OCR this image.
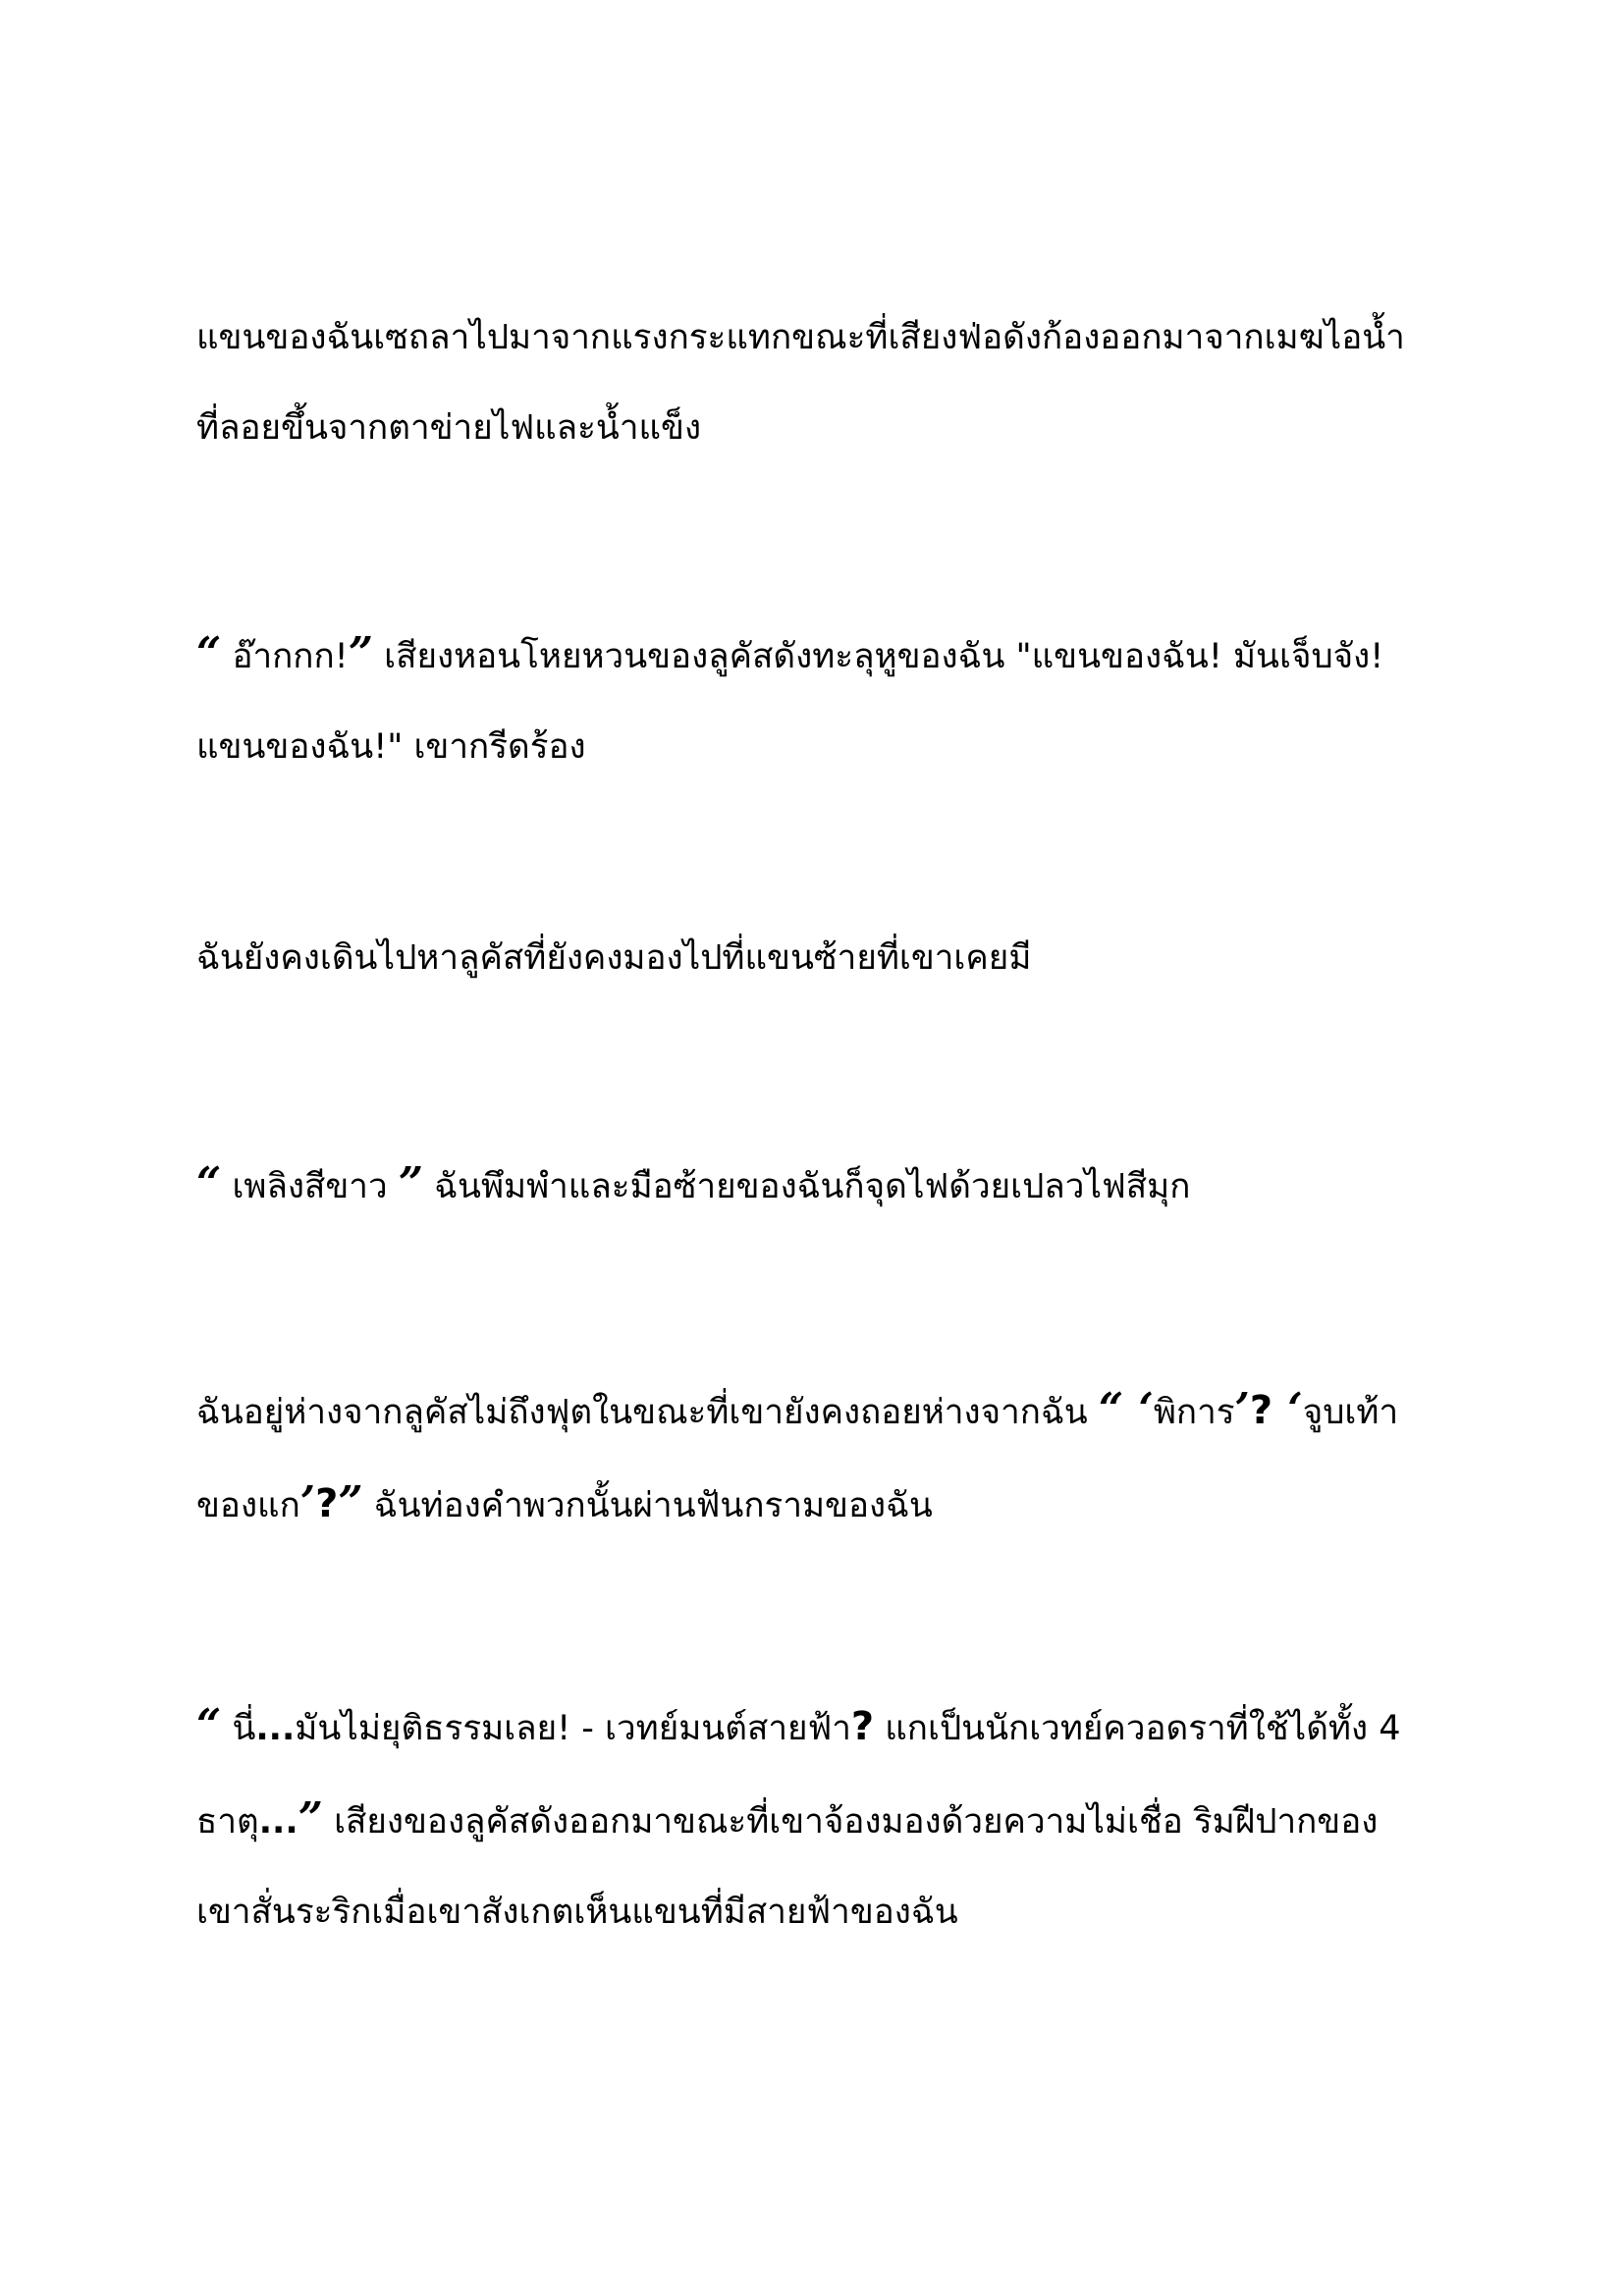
แขนของฉันเซถลาไปมาจากแรงกระแทกขณะที่เสียงฟ่อดังก้องออกมาจากเมฆไอน้ำ
ที่ลอยขึ้นจากตาข่ายไฟและน้ำแข็ง

“ อ๊ากกก!” เสียงหอนโหยหวนของลูคัสดังทะลุหูของฉัน "แขนของฉัน! มันเจ็บจัง!
แขนของฉัน!" เขากรีดร้อง

ฉันยังคงเดินไปหาลูคัสที่ยังคงมองไปที่แขนซ้ายที่เขาเคยมี

“ เพลิงสีขาว ” ฉันพึมพำและมือซ้ายของฉันก็จุดไฟด้วยเปลวไฟสีมุก

ฉันอยู่ห่างจากลูคัสไม่ถึงฟุตในขณะที่เขายังคงถอยห่างจากฉัน “ ‘พิการ’? ‘จูบเท้า
ของแก’?” ฉันท่องคำพวกนั้นผ่านฟันกรามของฉัน

“ นี่...มันไม่ยุติธรรมเลย! - เวทย์มนต์สายฟ้า? แกเป็นนักเวทย์ควอดราที่ใช้ได้ทั้ง 4
ธาตุ...” เสียงของลูคัสดังออกมาขณะที่เขาจ้องมองด้วยความไม่เชื่อ ริมฝีปากของ
เขาสั่นระริกเมื่อเขาสังเกตเห็นแขนที่มีสายฟ้าของฉัน
